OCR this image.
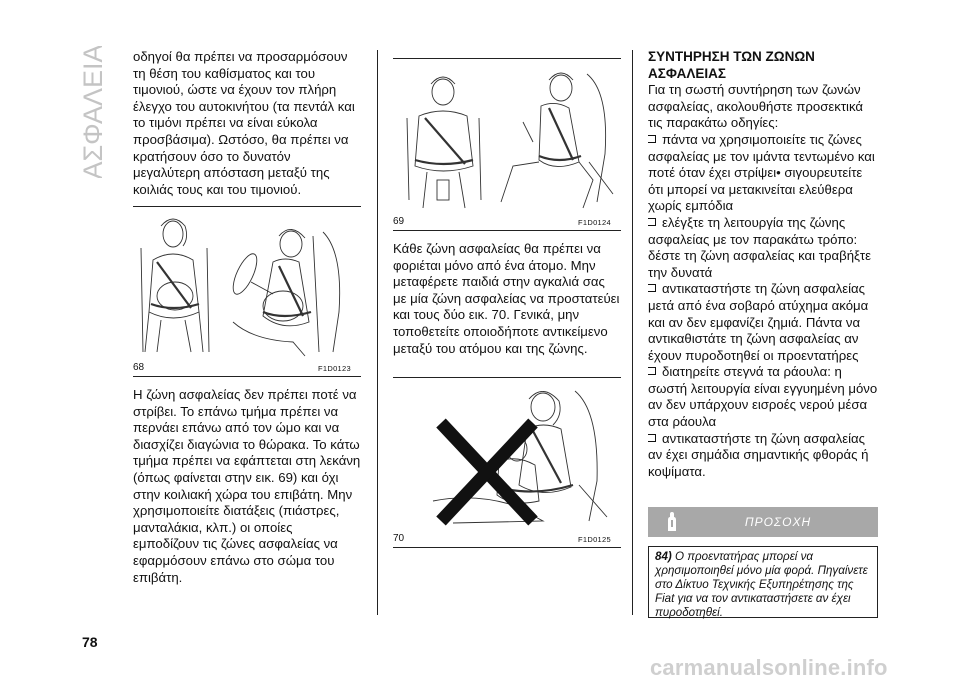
ΑΣΦΑΛΕΙΑ
78
οδηγοί θα πρέπει να προσαρμόσουν τη θέση του καθίσματος και του τιμονιού, ώστε να έχουν τον πλήρη έλεγχο του αυτοκινήτου (τα πεντάλ και το τιμόνι πρέπει να είναι εύκολα προσβάσιμα). Ωστόσο, θα πρέπει να κρατήσουν όσο το δυνατόν μεγαλύτερη απόσταση μεταξύ της κοιλιάς τους και του τιμονιού.
68	F1D0123
Η ζώνη ασφαλείας δεν πρέπει ποτέ να στρίβει. Το επάνω τμήμα πρέπει να περνάει επάνω από τον ώμο και να διασχίζει διαγώνια το θώρακα. Το κάτω τμήμα πρέπει να εφάπτεται στη λεκάνη (όπως φαίνεται στην εικ. 69) και όχι στην κοιλιακή χώρα του επιβάτη. Μην χρησιμοποιείτε διατάξεις (πιάστρες, μανταλάκια, κλπ.) οι οποίες εμποδίζουν τις ζώνες ασφαλείας να εφαρμόσουν επάνω στο σώμα του επιβάτη.
69	F1D0124
Κάθε ζώνη ασφαλείας θα πρέπει να φοριέται μόνο από ένα άτομο. Μην μεταφέρετε παιδιά στην αγκαλιά σας με μία ζώνη ασφαλείας να προστατεύει και τους δύο εικ. 70. Γενικά, μην τοποθετείτε οποιοδήποτε αντικείμενο μεταξύ του ατόμου και της ζώνης.
70	F1D0125
ΣΥΝΤΗΡΗΣΗ ΤΩΝ ΖΩΝΩΝ ΑΣΦΑΛΕΙΑΣ
Για τη σωστή συντήρηση των ζωνών ασφαλείας, ακολουθήστε προσεκτικά τις παρακάτω οδηγίες:
πάντα να χρησιμοποιείτε τις ζώνες ασφαλείας με τον ιμάντα τεντωμένο και ποτέ όταν έχει στρίψει• σιγουρευτείτε ότι μπορεί να μετακινείται ελεύθερα χωρίς εμπόδια
ελέγξτε τη λειτουργία της ζώνης ασφαλείας με τον παρακάτω τρόπο: δέστε τη ζώνη ασφαλείας και τραβήξτε την δυνατά
αντικαταστήστε τη ζώνη ασφαλείας μετά από ένα σοβαρό ατύχημα ακόμα και αν δεν εμφανίζει ζημιά. Πάντα να αντικαθιστάτε τη ζώνη ασφαλείας αν έχουν πυροδοτηθεί οι προεντατήρες
διατηρείτε στεγνά τα ράουλα: η σωστή λειτουργία είναι εγγυημένη μόνο αν δεν υπάρχουν εισροές νερού μέσα στα ράουλα
αντικαταστήστε τη ζώνη ασφαλείας αν έχει σημάδια σημαντικής φθοράς ή κοψίματα.
ΠΡΟΣΟΧΗ
84) Ο προεντατήρας μπορεί να χρησιμοποιηθεί μόνο μία φορά. Πηγαίνετε στο Δίκτυο Τεχνικής Εξυπηρέτησης της Fiat για να τον αντικαταστήσετε αν έχει πυροδοτηθεί.
carmanualsonline.info
